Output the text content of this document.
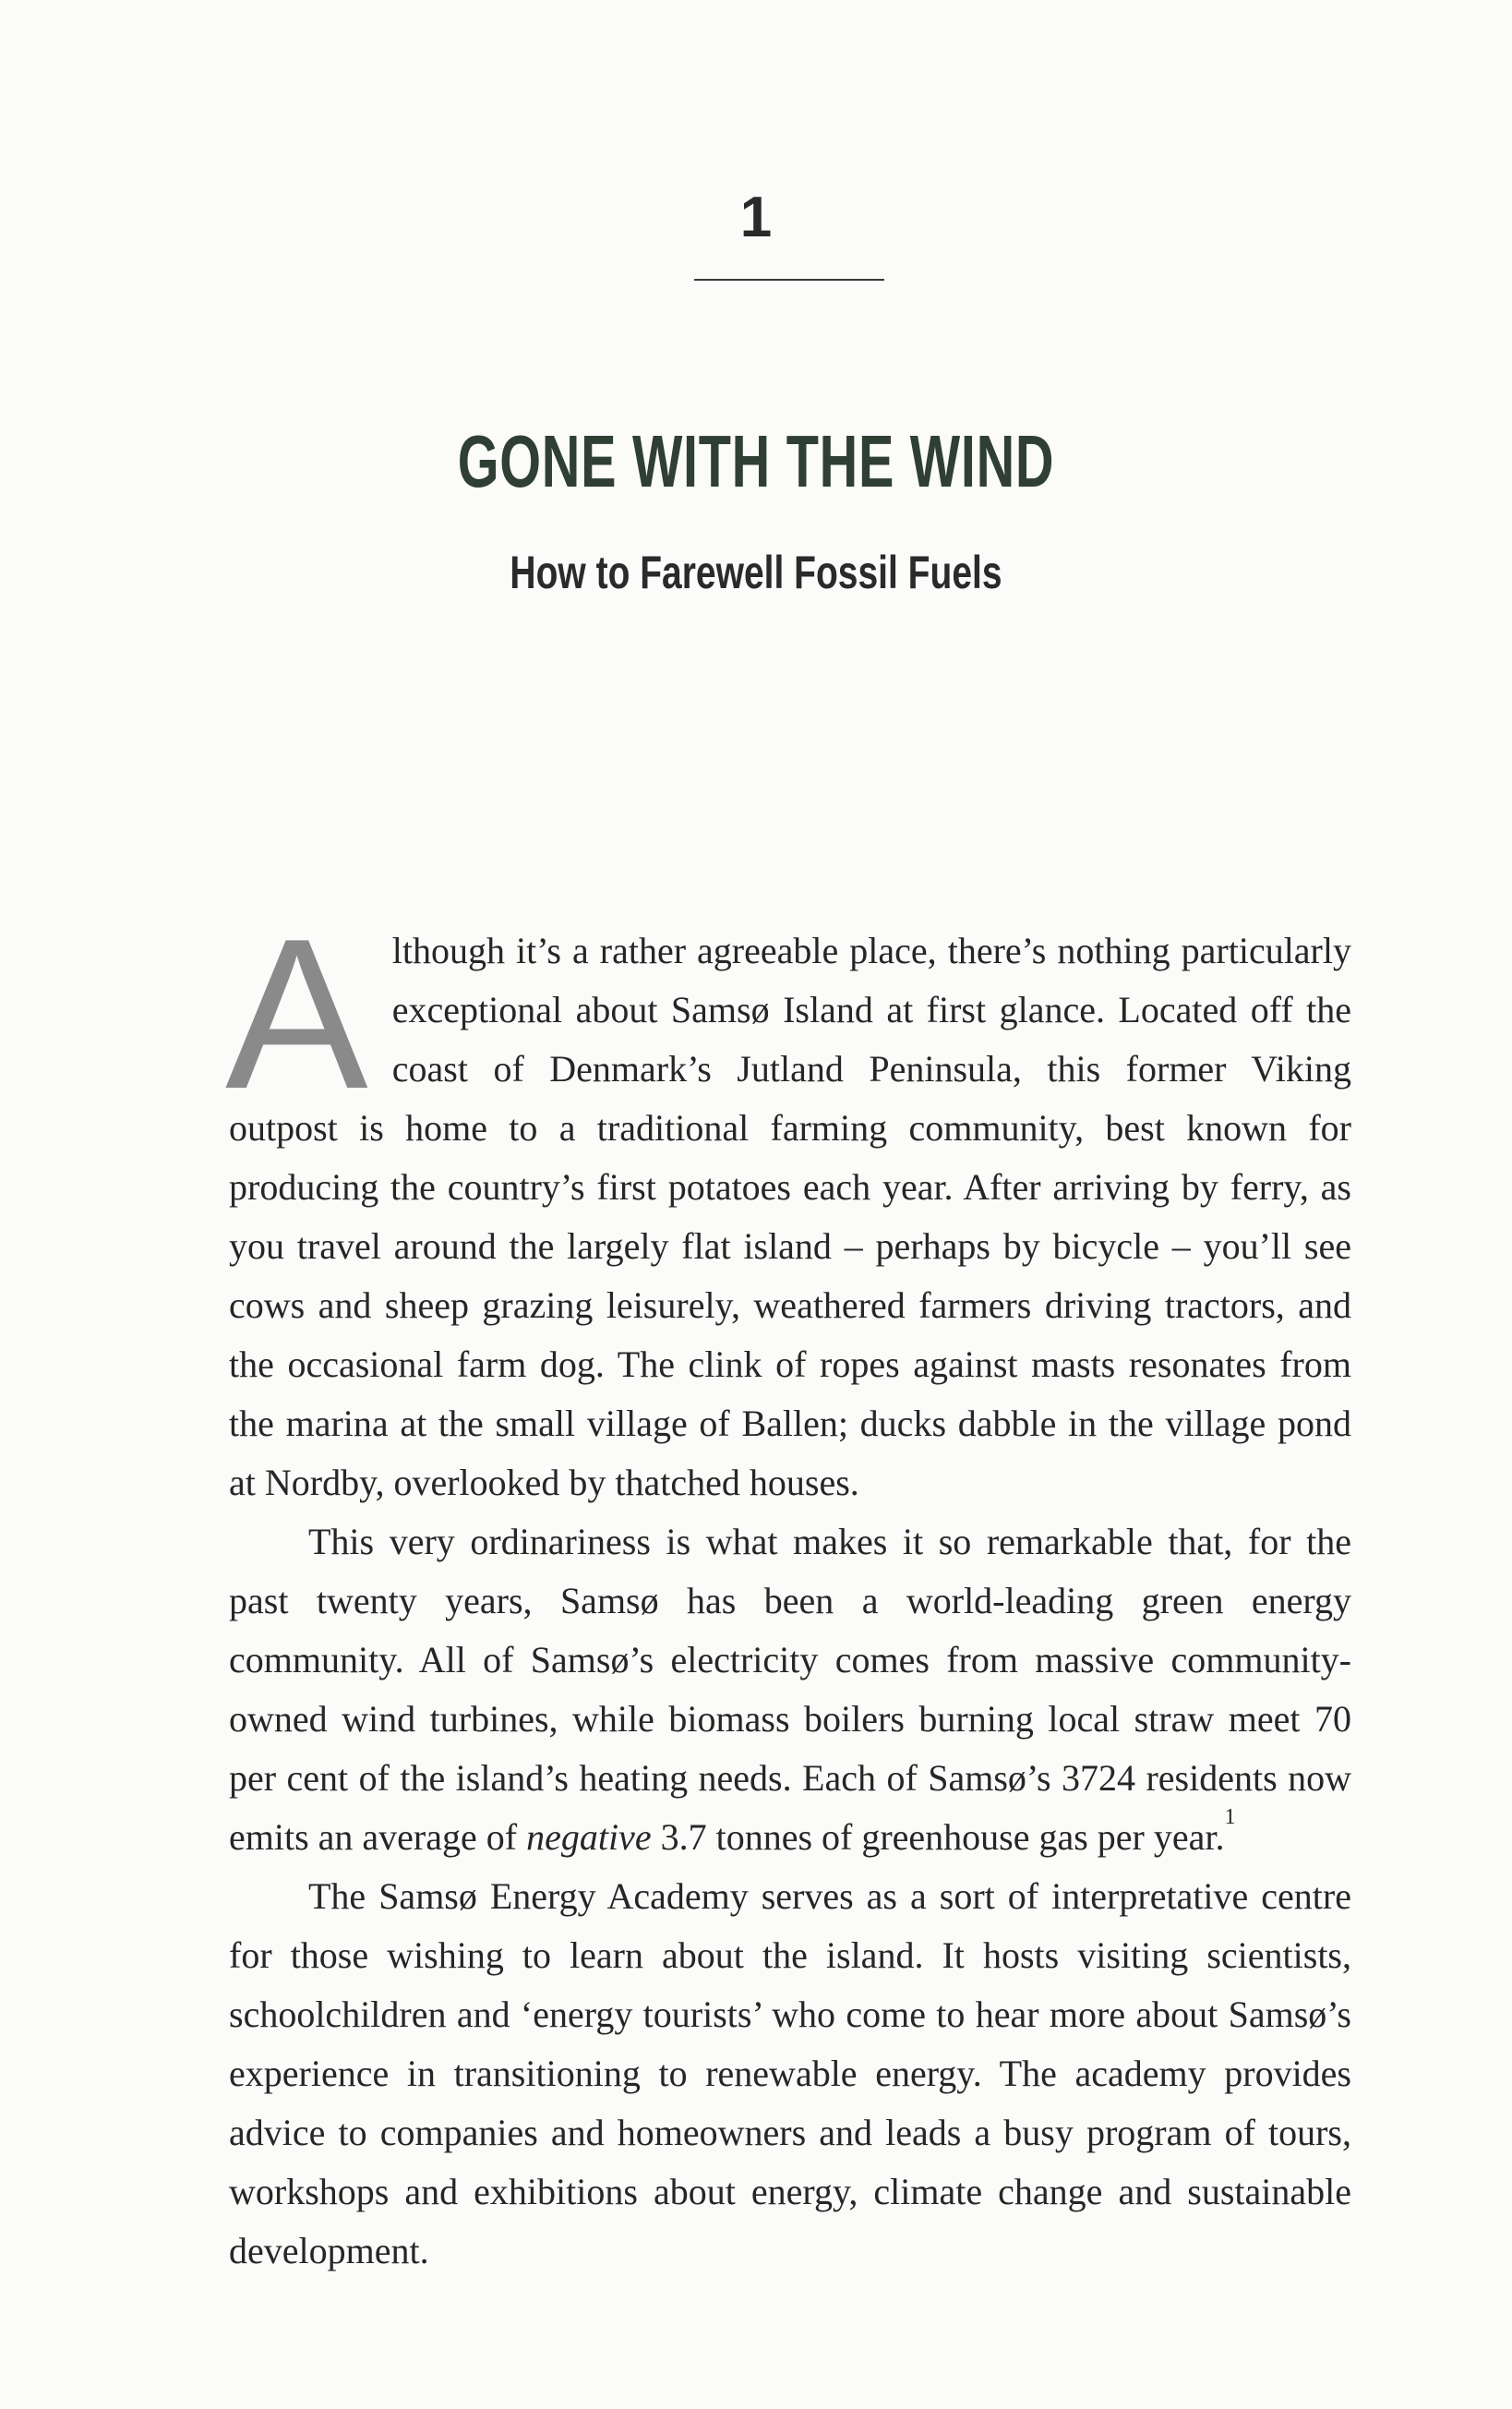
1
GONE WITH THE WIND
How to Farewell Fossil Fuels

Although it’s a rather agreeable place, there’s nothing particularly exceptional about Samsø Island at first glance. Located off the coast of Denmark’s Jutland Peninsula, this former Viking outpost is home to a traditional farming community, best known for producing the country’s first potatoes each year. After arriving by ferry, as you travel around the largely flat island – perhaps by bicycle – you’ll see cows and sheep grazing leisurely, weathered farmers driving tractors, and the occasional farm dog. The clink of ropes against masts resonates from the marina at the small village of Ballen; ducks dabble in the village pond at Nordby, overlooked by thatched houses.

This very ordinariness is what makes it so remarkable that, for the past twenty years, Samsø has been a world-leading green energy community. All of Samsø’s electricity comes from massive community-owned wind turbines, while biomass boilers burning local straw meet 70 per cent of the island’s heating needs. Each of Samsø’s 3724 residents now emits an average of negative 3.7 tonnes of greenhouse gas per year.$^1$

The Samsø Energy Academy serves as a sort of interpretative centre for those wishing to learn about the island. It hosts visiting scientists, schoolchildren and ‘energy tourists’ who come to hear more about Samsø’s experience in transitioning to renewable energy. The academy provides advice to companies and homeowners and leads a busy program of tours, workshops and exhibitions about energy, climate change and sustainable development.
